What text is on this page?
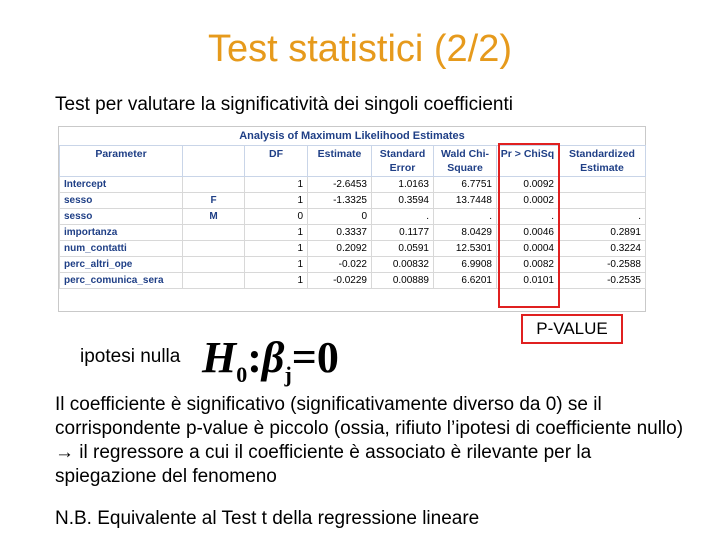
Test statistici (2/2)
Test per valutare la significatività dei singoli coefficienti
Analysis of Maximum Likelihood Estimates
Parameter		DF	Estimate	Standard Error	Wald Chi-Square	Pr > ChiSq	Standardized Estimate
Intercept		1	-2.6453	1.0163	6.7751	0.0092	
sesso	F	1	-1.3325	0.3594	13.7448	0.0002	
sesso	M	0	0	.	.	.	.
importanza		1	0.3337	0.1177	8.0429	0.0046	0.2891
num_contatti		1	0.2092	0.0591	12.5301	0.0004	0.3224
perc_altri_ope		1	-0.022	0.00832	6.9908	0.0082	-0.2588
perc_comunica_sera		1	-0.0229	0.00889	6.6201	0.0101	-0.2535
P-VALUE
ipotesi nulla $H_0:\beta_j=0$
Il coefficiente è significativo (significativamente diverso da 0) se il corrispondente p-value è piccolo (ossia, rifiuto l’ipotesi di coefficiente nullo) → il regressore a cui il coefficiente è associato è rilevante per la spiegazione del fenomeno
N.B. Equivalente al Test t della regressione lineare
